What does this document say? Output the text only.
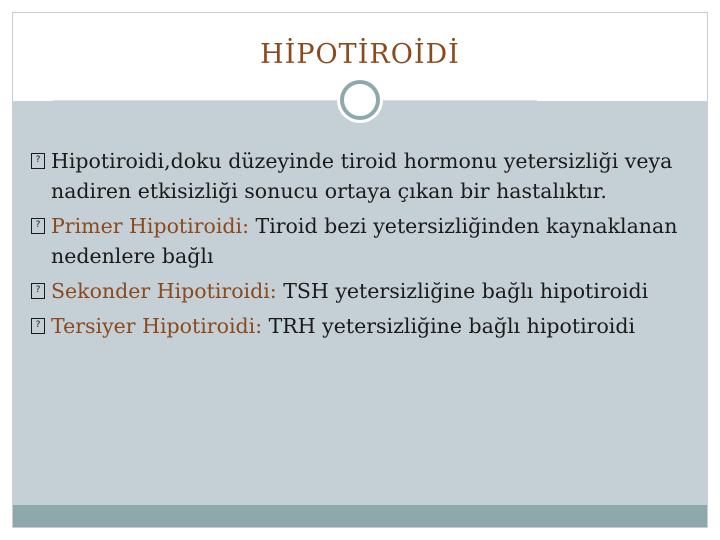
HİPOTİROİDİ
? Hipotiroidi,doku düzeyinde tiroid hormonu yetersizliği veya nadiren etkisizliği sonucu ortaya çıkan bir hastalıktır.
? Primer Hipotiroidi: Tiroid bezi yetersizliğinden kaynaklanan nedenlere bağlı
? Sekonder Hipotiroidi: TSH yetersizliğine bağlı hipotiroidi
? Tersiyer Hipotiroidi: TRH yetersizliğine bağlı hipotiroidi
